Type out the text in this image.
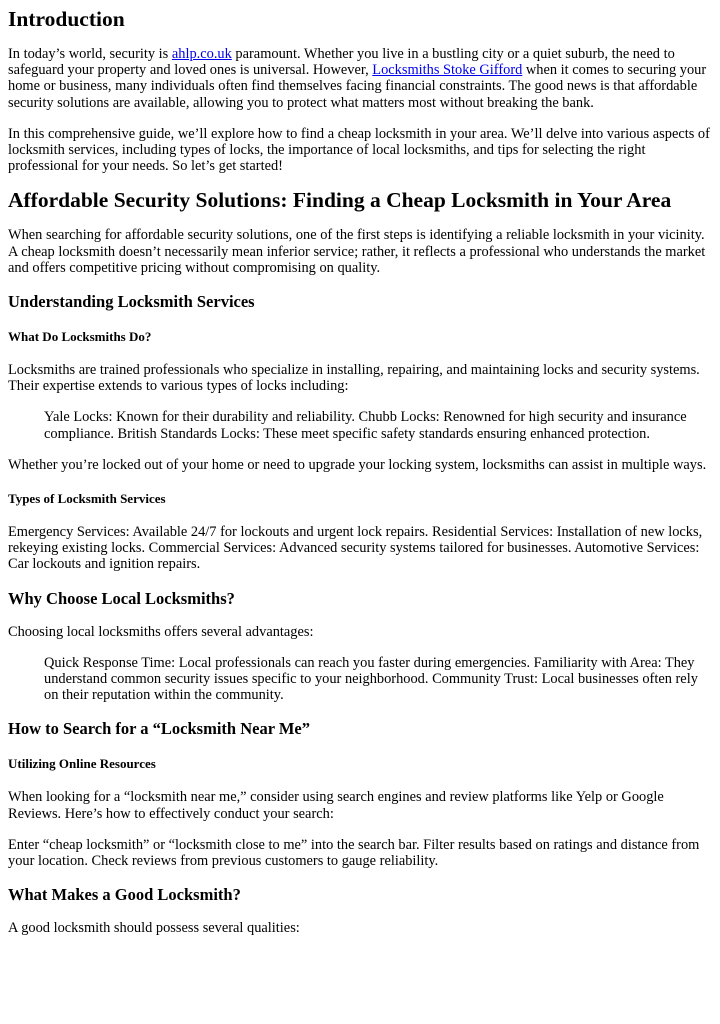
Introduction

In today’s world, security is ahlp.co.uk paramount. Whether you live in a bustling city or a quiet suburb, the need to safeguard your property and loved ones is universal. However, Locksmiths Stoke Gifford when it comes to securing your home or business, many individuals often find themselves facing financial constraints. The good news is that affordable security solutions are available, allowing you to protect what matters most without breaking the bank.

In this comprehensive guide, we’ll explore how to find a cheap locksmith in your area. We’ll delve into various aspects of locksmith services, including types of locks, the importance of local locksmiths, and tips for selecting the right professional for your needs. So let’s get started!

Affordable Security Solutions: Finding a Cheap Locksmith in Your Area

When searching for affordable security solutions, one of the first steps is identifying a reliable locksmith in your vicinity. A cheap locksmith doesn’t necessarily mean inferior service; rather, it reflects a professional who understands the market and offers competitive pricing without compromising on quality.

Understanding Locksmith Services
What Do Locksmiths Do?

Locksmiths are trained professionals who specialize in installing, repairing, and maintaining locks and security systems. Their expertise extends to various types of locks including:

Yale Locks: Known for their durability and reliability. Chubb Locks: Renowned for high security and insurance compliance. British Standards Locks: These meet specific safety standards ensuring enhanced protection.

Whether you’re locked out of your home or need to upgrade your locking system, locksmiths can assist in multiple ways.

Types of Locksmith Services

Emergency Services: Available 24/7 for lockouts and urgent lock repairs. Residential Services: Installation of new locks, rekeying existing locks. Commercial Services: Advanced security systems tailored for businesses. Automotive Services: Car lockouts and ignition repairs.

Why Choose Local Locksmiths?

Choosing local locksmiths offers several advantages:

Quick Response Time: Local professionals can reach you faster during emergencies. Familiarity with Area: They understand common security issues specific to your neighborhood. Community Trust: Local businesses often rely on their reputation within the community.
How to Search for a “Locksmith Near Me”
Utilizing Online Resources

When looking for a “locksmith near me,” consider using search engines and review platforms like Yelp or Google Reviews. Here’s how to effectively conduct your search:

Enter “cheap locksmith” or “locksmith close to me” into the search bar. Filter results based on ratings and distance from your location. Check reviews from previous customers to gauge reliability.

What Makes a Good Locksmith?

A good locksmith should possess several qualities:
